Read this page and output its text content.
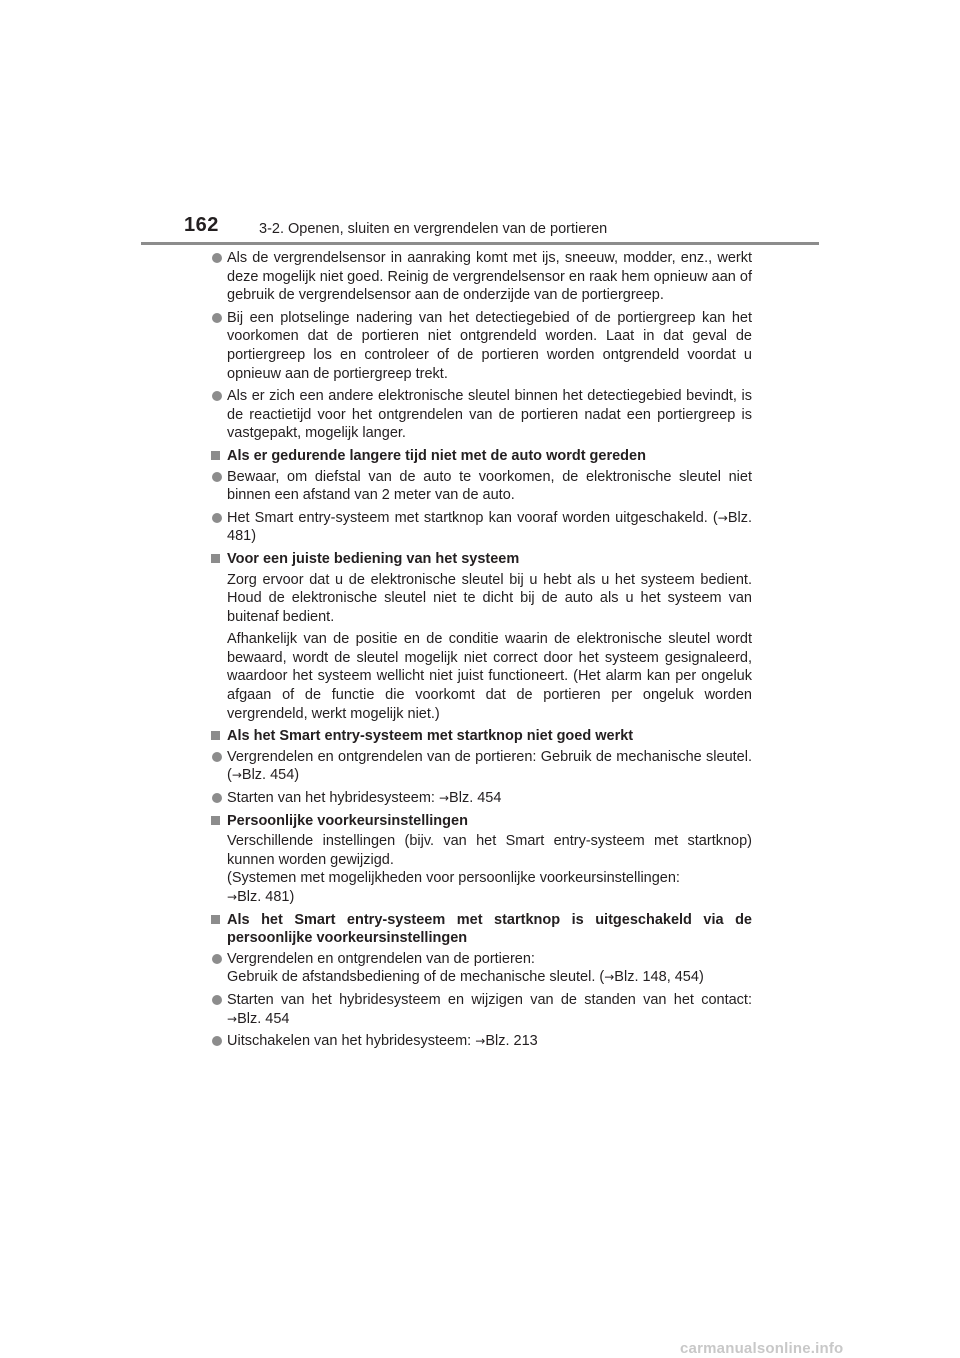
162	3-2. Openen, sluiten en vergrendelen van de portieren
Als de vergrendelsensor in aanraking komt met ijs, sneeuw, modder, enz., werkt deze mogelijk niet goed. Reinig de vergrendelsensor en raak hem opnieuw aan of gebruik de vergrendelsensor aan de onderzijde van de portiergreep.
Bij een plotselinge nadering van het detectiegebied of de portiergreep kan het voorkomen dat de portieren niet ontgrendeld worden. Laat in dat geval de portiergreep los en controleer of de portieren worden ontgrendeld voordat u opnieuw aan de portiergreep trekt.
Als er zich een andere elektronische sleutel binnen het detectiegebied bevindt, is de reactietijd voor het ontgrendelen van de portieren nadat een portiergreep is vastgepakt, mogelijk langer.
Als er gedurende langere tijd niet met de auto wordt gereden
Bewaar, om diefstal van de auto te voorkomen, de elektronische sleutel niet binnen een afstand van 2 meter van de auto.
Het Smart entry-systeem met startknop kan vooraf worden uitgeschakeld. (→Blz. 481)
Voor een juiste bediening van het systeem
Zorg ervoor dat u de elektronische sleutel bij u hebt als u het systeem bedient. Houd de elektronische sleutel niet te dicht bij de auto als u het systeem van buitenaf bedient.
Afhankelijk van de positie en de conditie waarin de elektronische sleutel wordt bewaard, wordt de sleutel mogelijk niet correct door het systeem gesignaleerd, waardoor het systeem wellicht niet juist functioneert. (Het alarm kan per ongeluk afgaan of de functie die voorkomt dat de portieren per ongeluk worden vergrendeld, werkt mogelijk niet.)
Als het Smart entry-systeem met startknop niet goed werkt
Vergrendelen en ontgrendelen van de portieren: Gebruik de mechanische sleutel. (→Blz. 454)
Starten van het hybridesysteem: →Blz. 454
Persoonlijke voorkeursinstellingen
Verschillende instellingen (bijv. van het Smart entry-systeem met startknop) kunnen worden gewijzigd.
(Systemen met mogelijkheden voor persoonlijke voorkeursinstellingen:
→Blz. 481)
Als het Smart entry-systeem met startknop is uitgeschakeld via de persoonlijke voorkeursinstellingen
Vergrendelen en ontgrendelen van de portieren:
Gebruik de afstandsbediening of de mechanische sleutel. (→Blz. 148, 454)
Starten van het hybridesysteem en wijzigen van de standen van het contact: →Blz. 454
Uitschakelen van het hybridesysteem: →Blz. 213
carmanualsonline.info
